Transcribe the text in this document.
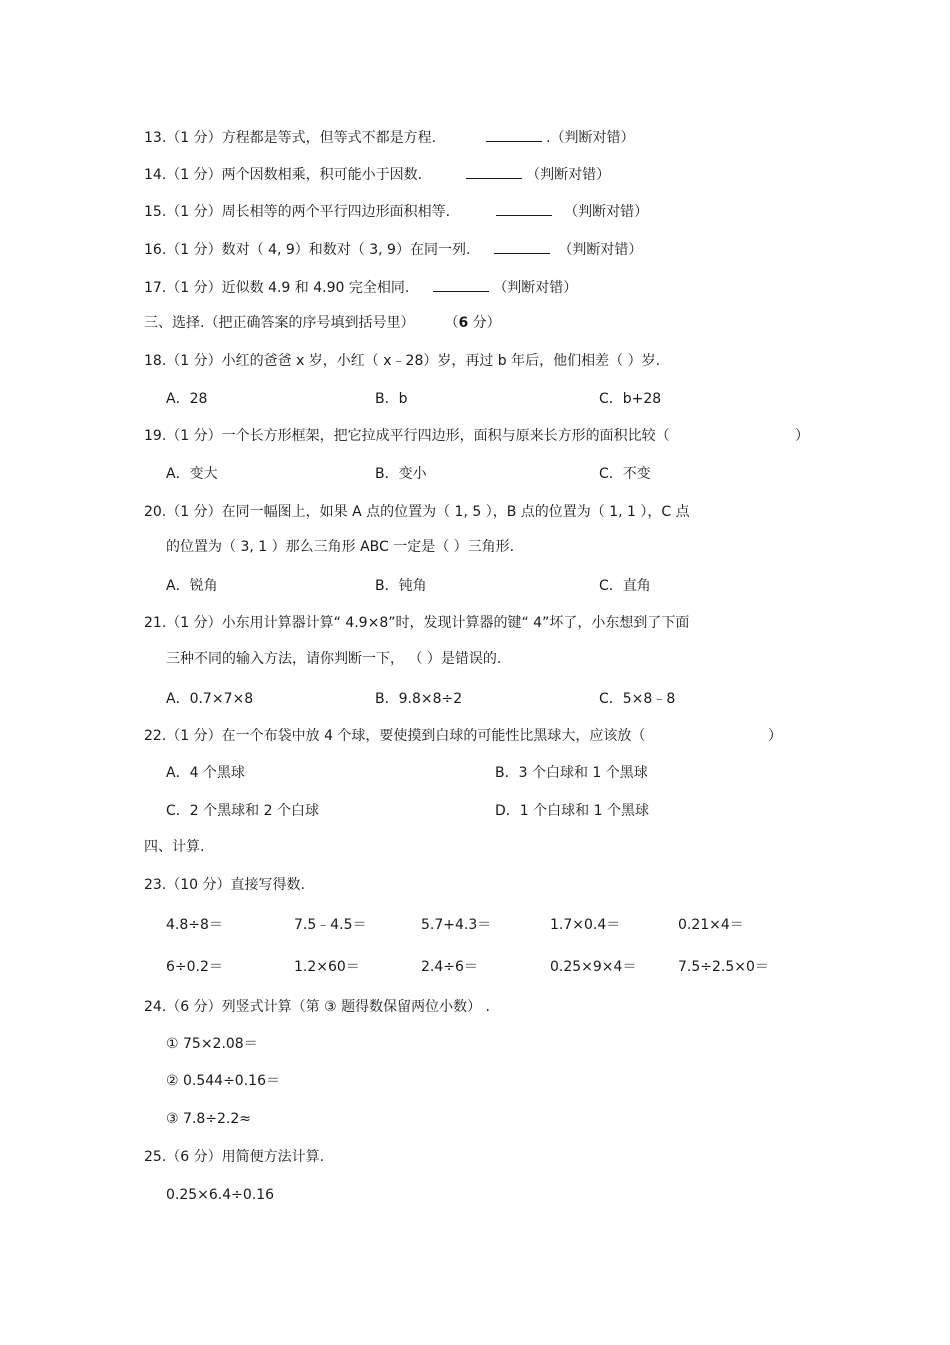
13.（1 分）方程都是等式，但等式不都是方程.	.（判断对错）
14.（1 分）两个因数相乘，积可能小于因数.	（判断对错）
15.（1 分）周长相等的两个平行四边形面积相等.	（判断对错）
16.（1 分）数对（ 4, 9）和数对（ 3, 9）在同一列.	（判断对错）
17.（1 分）近似数 4.9 和 4.90 完全相同.	（判断对错）
三、选择.（把正确答案的序号填到括号里） （6 分）
18.（1 分）小红的爸爸 x 岁，小红（ x﹣28）岁，再过 b 年后，他们相差（ ）岁.
A．28	B．b	C．b+28
19.（1 分）一个长方形框架，把它拉成平行四边形，面积与原来长方形的面积比较（	）
A．变大	B．变小	C．不变
20.（1 分）在同一幅图上，如果 A 点的位置为（ 1, 5 ），B 点的位置为（ 1, 1 ），C 点
的位置为（ 3, 1 ）那么三角形 ABC 一定是（ ）三角形.
A．锐角	B．钝角	C．直角
21.（1 分）小东用计算器计算“ 4.9×8”时，发现计算器的键“ 4”坏了，小东想到了下面
三种不同的输入方法，请你判断一下， （ ）是错误的.
A．0.7×7×8	B．9.8×8÷2	C．5×8﹣8
22.（1 分）在一个布袋中放 4 个球，要使摸到白球的可能性比黑球大，应该放（	）
A．4 个黑球	B．3 个白球和 1 个黑球
C．2 个黑球和 2 个白球	D．1 个白球和 1 个黑球
四、计算.
23.（10 分）直接写得数.
4.8÷8＝	7.5﹣4.5＝	5.7+4.3＝	1.7×0.4＝	0.21×4＝
6÷0.2＝	1.2×60＝	2.4÷6＝	0.25×9×4＝	7.5÷2.5×0＝
24.（6 分）列竖式计算（第 ③ 题得数保留两位小数） .
① 75×2.08＝
② 0.544÷0.16＝
③ 7.8÷2.2≈
25.（6 分）用简便方法计算.
0.25×6.4÷0.16
